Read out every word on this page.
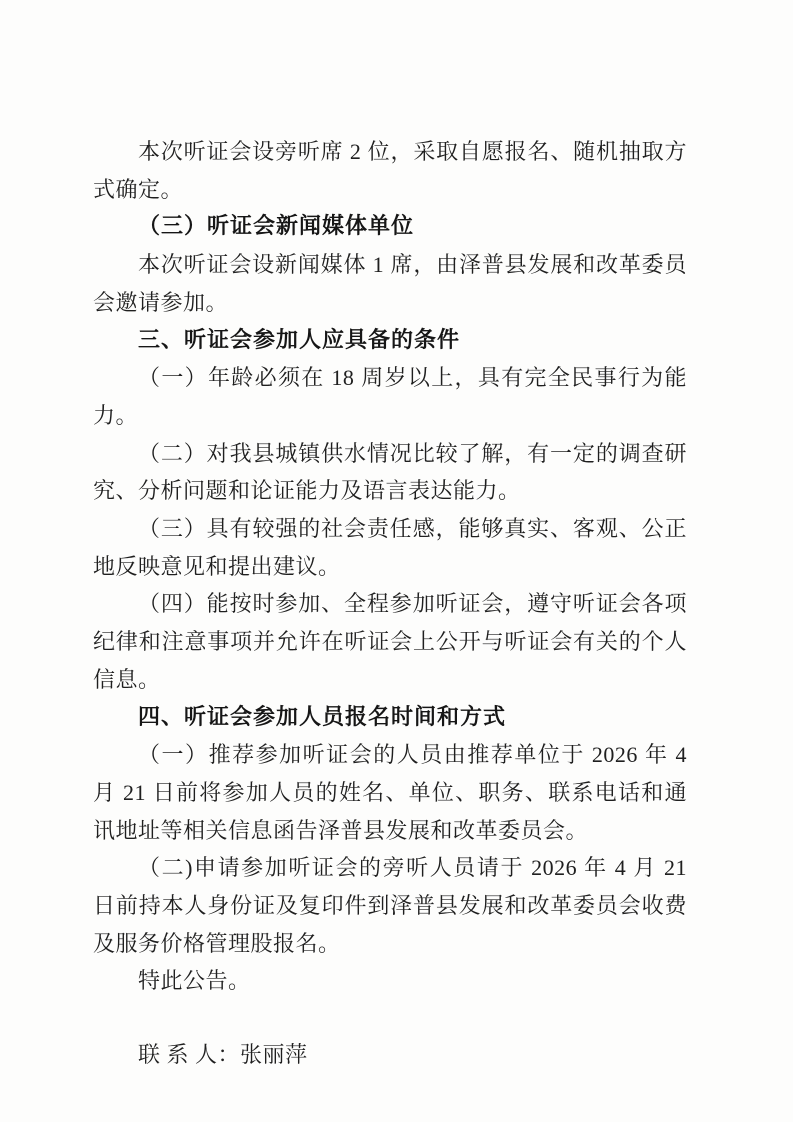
本次听证会设旁听席 2 位，采取自愿报名、随机抽取方式确定。

（三）听证会新闻媒体单位

本次听证会设新闻媒体 1 席，由泽普县发展和改革委员会邀请参加。

三、听证会参加人应具备的条件

（一）年龄必须在 18 周岁以上，具有完全民事行为能力。

（二）对我县城镇供水情况比较了解，有一定的调查研究、分析问题和论证能力及语言表达能力。

（三）具有较强的社会责任感，能够真实、客观、公正地反映意见和提出建议。

（四）能按时参加、全程参加听证会，遵守听证会各项纪律和注意事项并允许在听证会上公开与听证会有关的个人信息。

四、听证会参加人员报名时间和方式

（一）推荐参加听证会的人员由推荐单位于 2026 年 4 月 21 日前将参加人员的姓名、单位、职务、联系电话和通讯地址等相关信息函告泽普县发展和改革委员会。

（二)申请参加听证会的旁听人员请于 2026 年 4 月 21 日前持本人身份证及复印件到泽普县发展和改革委员会收费及服务价格管理股报名。

特此公告。

联 系 人：张丽萍
